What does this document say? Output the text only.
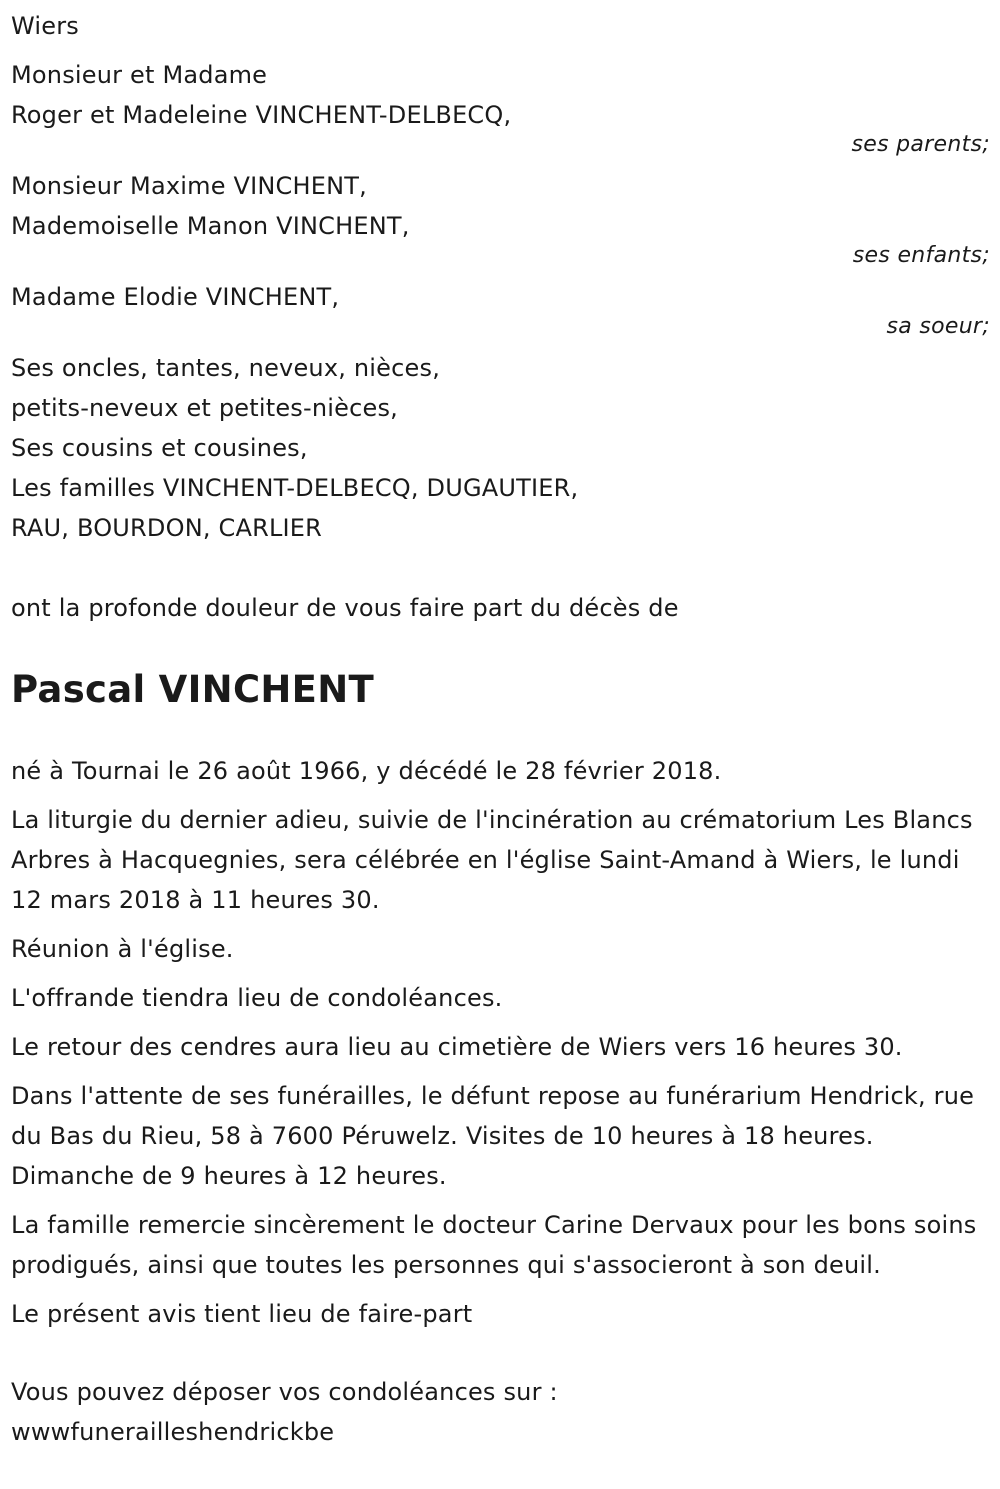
Wiers
Monsieur et Madame
Roger et Madeleine VINCHENT-DELBECQ,
ses parents;
Monsieur Maxime VINCHENT,
Mademoiselle Manon VINCHENT,
ses enfants;
Madame Elodie VINCHENT,
sa soeur;
Ses oncles, tantes, neveux, nièces,
petits-neveux et petites-nièces,
Ses cousins et cousines,
Les familles VINCHENT-DELBECQ, DUGAUTIER,
RAU, BOURDON, CARLIER
ont la profonde douleur de vous faire part du décès de
Pascal VINCHENT
né à Tournai le 26 août 1966, y décédé le 28 février 2018.
La liturgie du dernier adieu, suivie de l'incinération au crématorium Les Blancs Arbres à Hacquegnies, sera célébrée en l'église Saint-Amand à Wiers, le lundi 12 mars 2018 à 11 heures 30.
Réunion à l'église.
L'offrande tiendra lieu de condoléances.
Le retour des cendres aura lieu au cimetière de Wiers vers 16 heures 30.
Dans l'attente de ses funérailles, le défunt repose au funérarium Hendrick, rue du Bas du Rieu, 58 à 7600 Péruwelz. Visites de 10 heures à 18 heures. Dimanche de 9 heures à 12 heures.
La famille remercie sincèrement le docteur Carine Dervaux pour les bons soins prodigués, ainsi que toutes les personnes qui s'associeront à son deuil.
Le présent avis tient lieu de faire-part
Vous pouvez déposer vos condoléances sur :
wwwfunerailleshendrickbe
